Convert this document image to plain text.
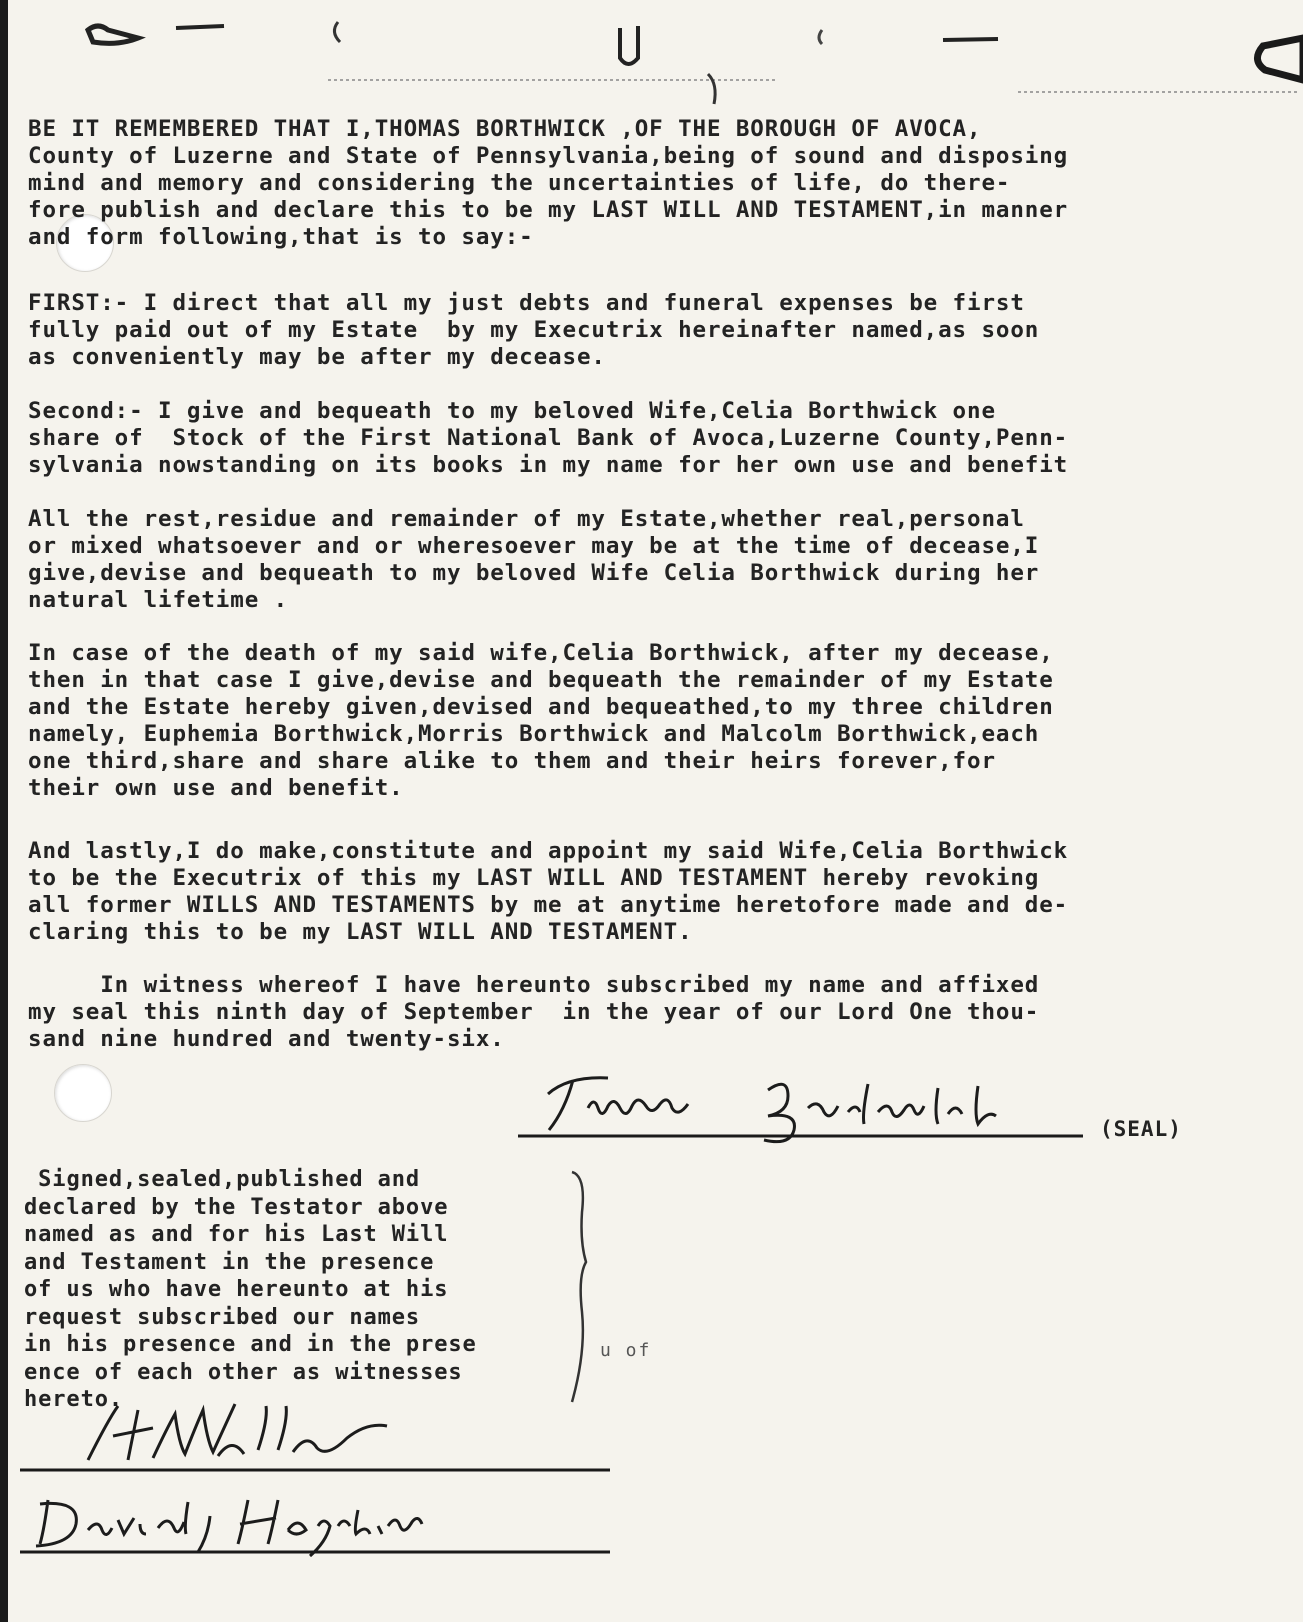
BE IT REMEMBERED THAT I,THOMAS BORTHWICK ,OF THE BOROUGH OF AVOCA,
County of Luzerne and State of Pennsylvania,being of sound and disposing
mind and memory and considering the uncertainties of life, do there-
fore publish and declare this to be my LAST WILL AND TESTAMENT,in manner
and form following,that is to say:-

FIRST:- I direct that all my just debts and funeral expenses be first
fully paid out of my Estate  by my Executrix hereinafter named,as soon
as conveniently may be after my decease.

Second:- I give and bequeath to my beloved Wife,Celia Borthwick one
share of  Stock of the First National Bank of Avoca,Luzerne County,Penn-
sylvania nowstanding on its books in my name for her own use and benefit

All the rest,residue and remainder of my Estate,whether real,personal
or mixed whatsoever and or wheresoever may be at the time of decease,I
give,devise and bequeath to my beloved Wife Celia Borthwick during her
natural lifetime .

In case of the death of my said wife,Celia Borthwick, after my decease,
then in that case I give,devise and bequeath the remainder of my Estate
and the Estate hereby given,devised and bequeathed,to my three children
namely, Euphemia Borthwick,Morris Borthwick and Malcolm Borthwick,each
one third,share and share alike to them and their heirs forever,for
their own use and benefit.

And lastly,I do make,constitute and appoint my said Wife,Celia Borthwick
to be the Executrix of this my LAST WILL AND TESTAMENT hereby revoking
all former WILLS AND TESTAMENTS by me at anytime heretofore made and de-
claring this to be my LAST WILL AND TESTAMENT.

In witness whereof I have hereunto subscribed my name and affixed
my seal this ninth day of September  in the year of our Lord One thou-
sand nine hundred and twenty-six.

(SEAL)

Signed,sealed,published and
declared by the Testator above
named as and for his Last Will
and Testament in the presence
of us who have hereunto at his
request subscribed our names
in his presence and in the prese
ence of each other as witnesses
hereto.

u of
